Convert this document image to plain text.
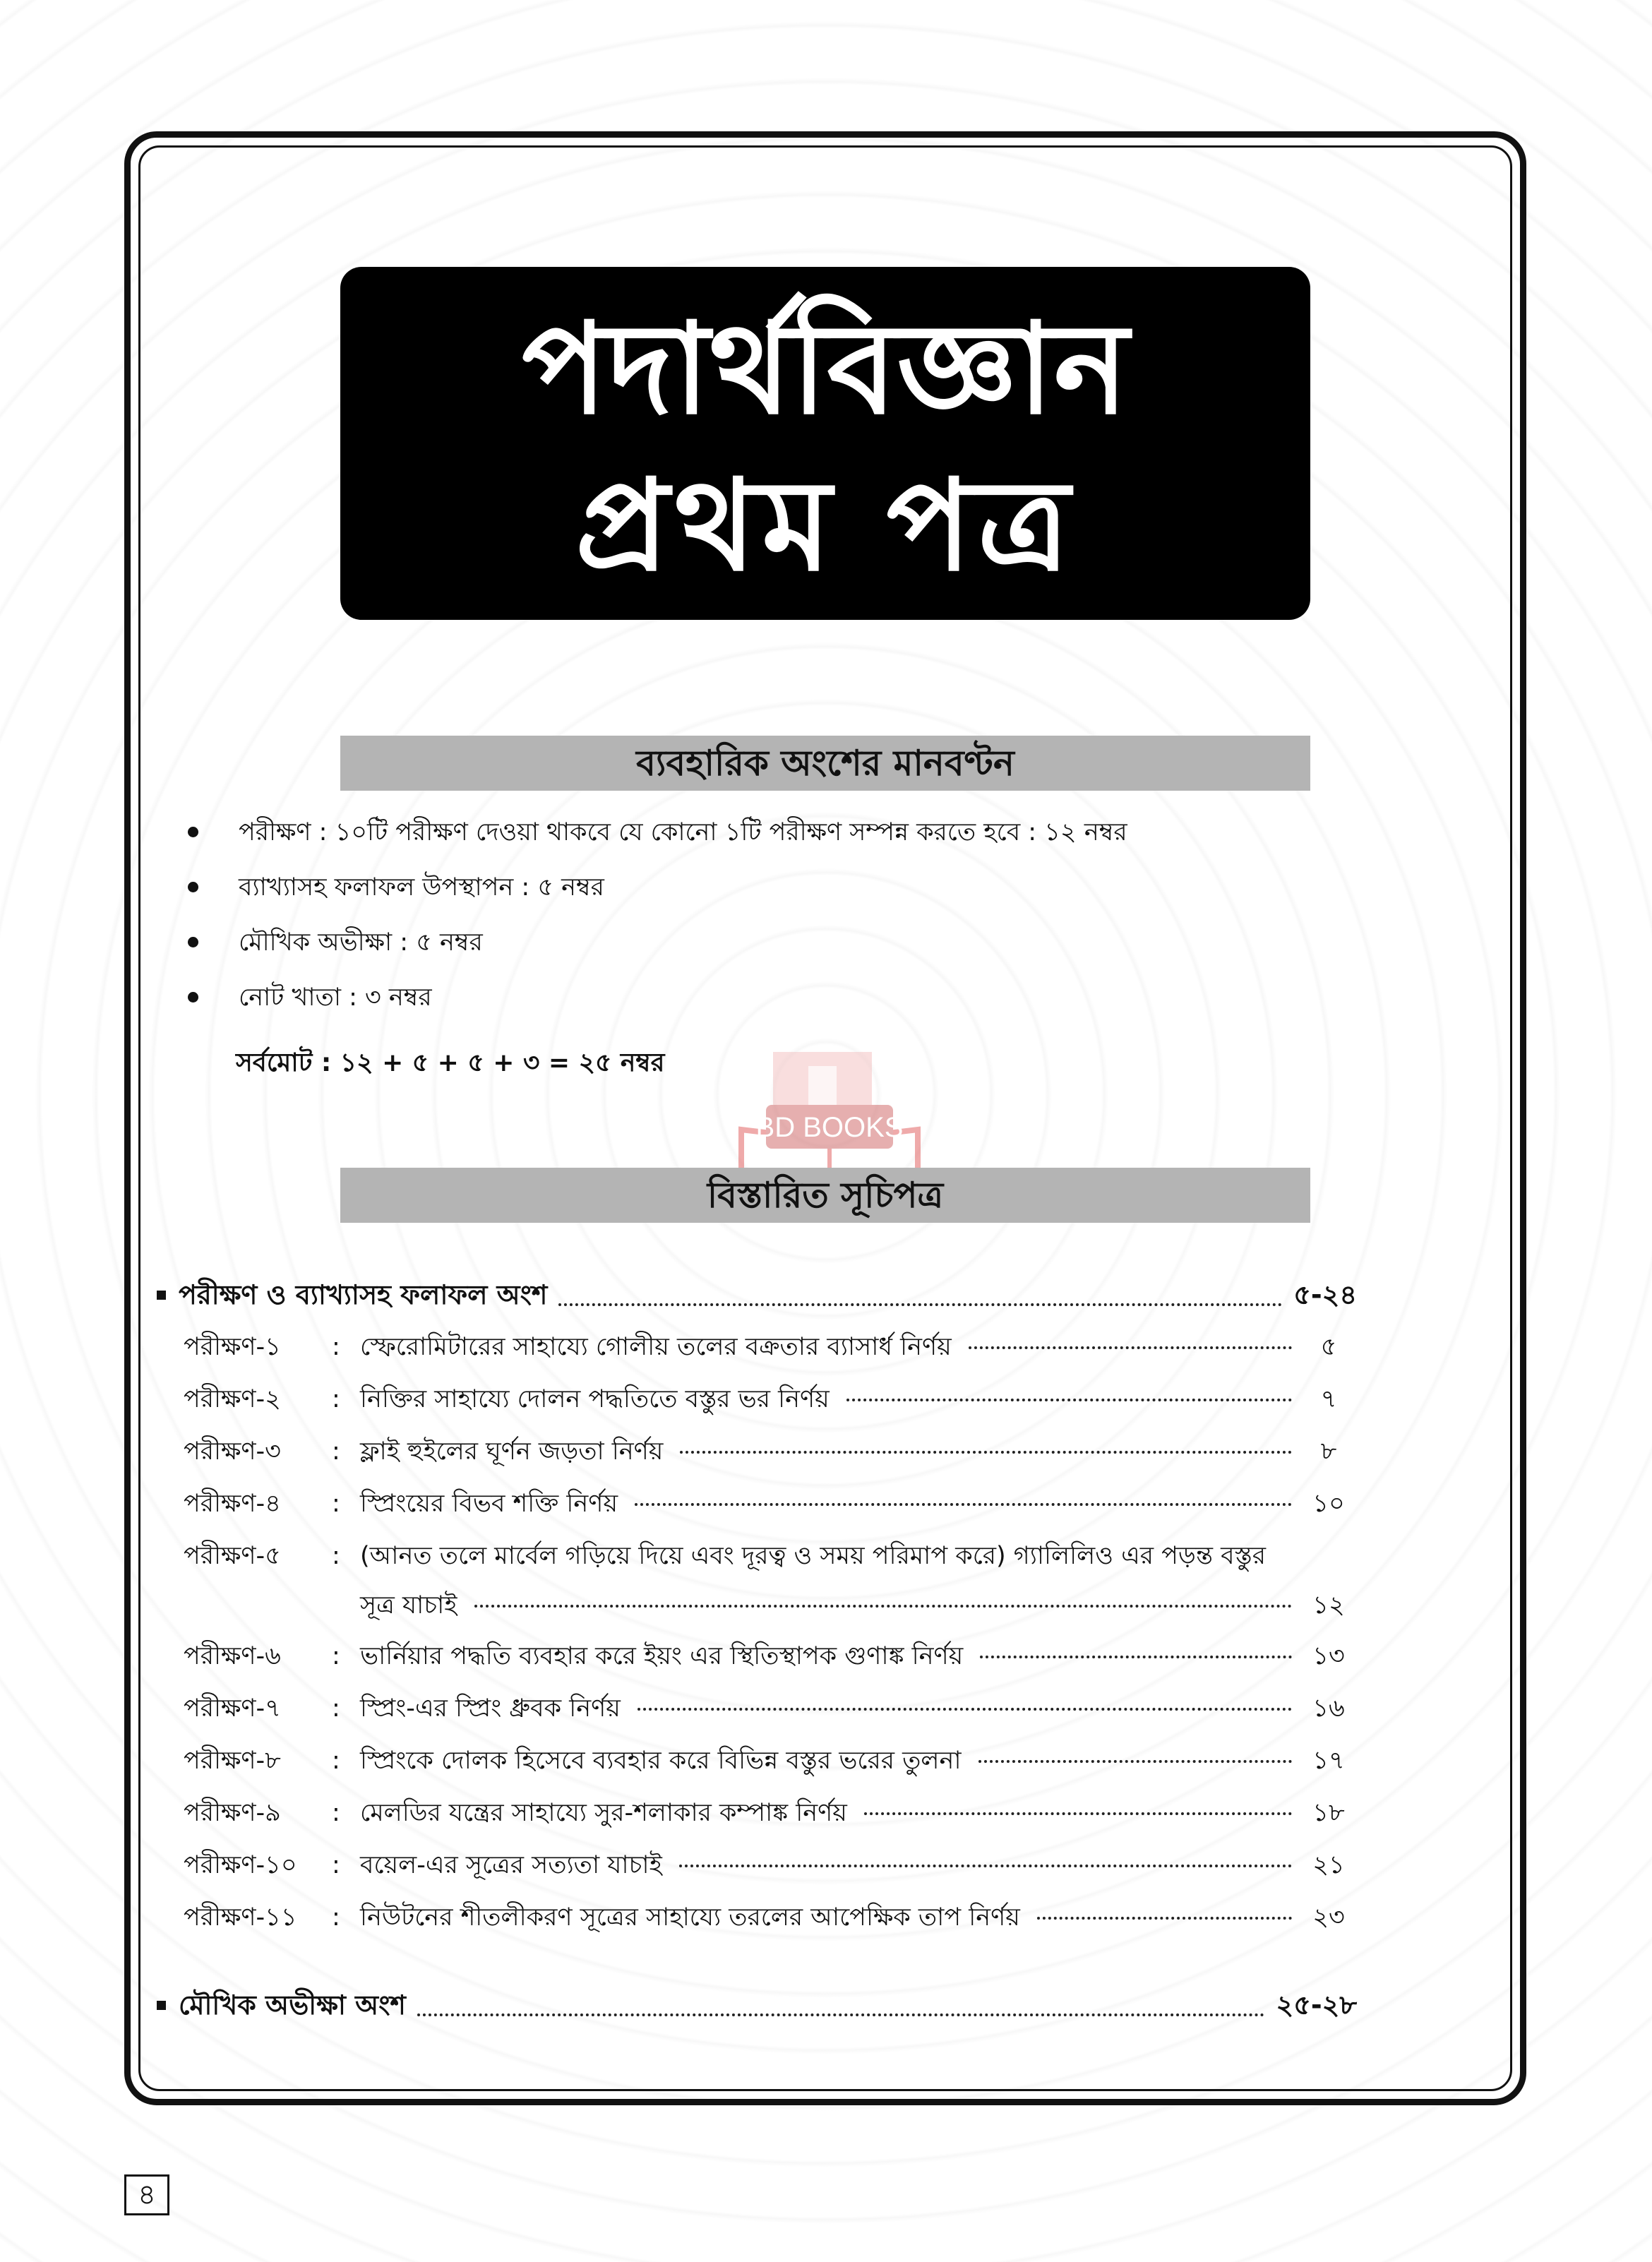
পদার্থবিজ্ঞান
প্রথম পত্র
ব্যবহারিক অংশের মানবণ্টন
পরীক্ষণ : ১০টি পরীক্ষণ দেওয়া থাকবে যে কোনো ১টি পরীক্ষণ সম্পন্ন করতে হবে : ১২ নম্বর
ব্যাখ্যাসহ ফলাফল উপস্থাপন : ৫ নম্বর
মৌখিক অভীক্ষা : ৫ নম্বর
নোট খাতা : ৩ নম্বর
সর্বমোট : ১২ + ৫ + ৫ + ৩ = ২৫ নম্বর
BD BOOKS
বিস্তারিত সূচিপত্র
পরীক্ষণ ও ব্যাখ্যাসহ ফলাফল অংশ	৫-২৪
পরীক্ষণ-১	: স্ফেরোমিটারের সাহায্যে গোলীয় তলের বক্রতার ব্যাসার্ধ নির্ণয়	৫
পরীক্ষণ-২	: নিক্তির সাহায্যে দোলন পদ্ধতিতে বস্তুর ভর নির্ণয়	৭
পরীক্ষণ-৩	: ফ্লাই হুইলের ঘূর্ণন জড়তা নির্ণয়	৮
পরীক্ষণ-৪	: স্প্রিংয়ের বিভব শক্তি নির্ণয়	১০
পরীক্ষণ-৫	: (আনত তলে মার্বেল গড়িয়ে দিয়ে এবং দূরত্ব ও সময় পরিমাপ করে) গ্যালিলিও এর পড়ন্ত বস্তুর
সূত্র যাচাই	১২
পরীক্ষণ-৬	: ভার্নিয়ার পদ্ধতি ব্যবহার করে ইয়ং এর স্থিতিস্থাপক গুণাঙ্ক নির্ণয়	১৩
পরীক্ষণ-৭	: স্প্রিং-এর স্প্রিং ধ্রুবক নির্ণয়	১৬
পরীক্ষণ-৮	: স্প্রিংকে দোলক হিসেবে ব্যবহার করে বিভিন্ন বস্তুর ভরের তুলনা	১৭
পরীক্ষণ-৯	: মেলডির যন্ত্রের সাহায্যে সুর-শলাকার কম্পাঙ্ক নির্ণয়	১৮
পরীক্ষণ-১০	: বয়েল-এর সূত্রের সত্যতা যাচাই	২১
পরীক্ষণ-১১	: নিউটনের শীতলীকরণ সূত্রের সাহায্যে তরলের আপেক্ষিক তাপ নির্ণয়	২৩
মৌখিক অভীক্ষা অংশ	২৫-২৮
৪
